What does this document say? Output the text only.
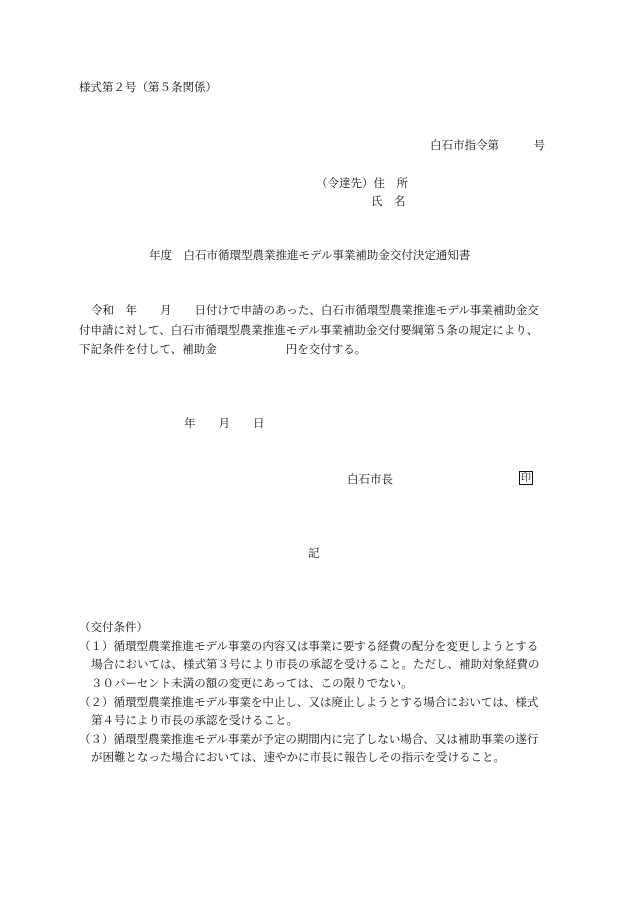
様式第２号（第５条関係）
白石市指令第　　　号
（令達先）住　所
氏　名
年度　白石市循環型農業推進モデル事業補助金交付決定通知書
令和　年　　月　　日付けで申請のあった、白石市循環型農業推進モデル事業補助金交
付申請に対して、白石市循環型農業推進モデル事業補助金交付要綱第５条の規定により、
下記条件を付して、補助金　　　　　　円を交付する。
年　　月　　日
白石市長	印
記
（交付条件）
（１）循環型農業推進モデル事業の内容又は事業に要する経費の配分を変更しようとする
場合においては、様式第３号により市長の承認を受けること。ただし、補助対象経費の
３０パーセント未満の額の変更にあっては、この限りでない。
（２）循環型農業推進モデル事業を中止し、又は廃止しようとする場合においては、様式
第４号により市長の承認を受けること。
（３）循環型農業推進モデル事業が予定の期間内に完了しない場合、又は補助事業の遂行
が困難となった場合においては、速やかに市長に報告しその指示を受けること。
